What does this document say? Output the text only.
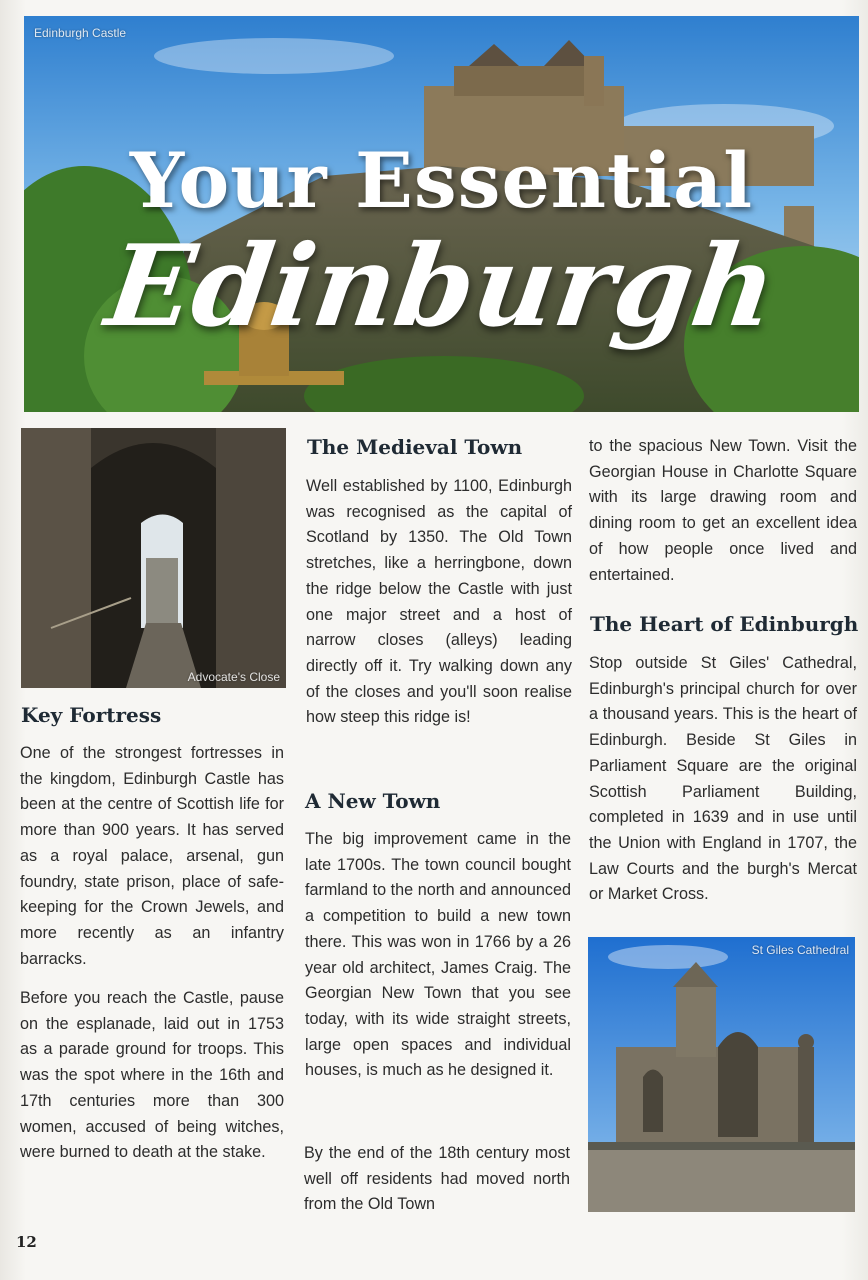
Edinburgh Castle
Your Essential
Edinburgh
Advocate's Close
Key Fortress

One of the strongest fortresses in the kingdom, Edinburgh Castle has been at the centre of Scottish life for more than 900 years. It has served as a royal palace, arsenal, gun foundry, state prison, place of safe-keeping for the Crown Jewels, and more recently as an infantry barracks.

Before you reach the Castle, pause on the esplanade, laid out in 1753 as a parade ground for troops. This was the spot where in the 16th and 17th centuries more than 300 women, accused of being witches, were burned to death at the stake.

The Medieval Town

Well established by 1100, Edinburgh was recognised as the capital of Scotland by 1350. The Old Town stretches, like a herringbone, down the ridge below the Castle with just one major street and a host of narrow closes (alleys) leading directly off it. Try walking down any of the closes and you'll soon realise how steep this ridge is!

A New Town

The big improvement came in the late 1700s. The town council bought farmland to the north and announced a competition to build a new town there. This was won in 1766 by a 26 year old architect, James Craig. The Georgian New Town that you see today, with its wide straight streets, large open spaces and individual houses, is much as he designed it.

By the end of the 18th century most well off residents had moved north from the Old Town

to the spacious New Town. Visit the Georgian House in Charlotte Square with its large drawing room and dining room to get an excellent idea of how people once lived and entertained.

The Heart of Edinburgh

Stop outside St Giles' Cathedral, Edinburgh's principal church for over a thousand years. This is the heart of Edinburgh. Beside St Giles in Parliament Square are the original Scottish Parliament Building, completed in 1639 and in use until the Union with England in 1707, the Law Courts and the burgh's Mercat or Market Cross.

St Giles Cathedral
12
